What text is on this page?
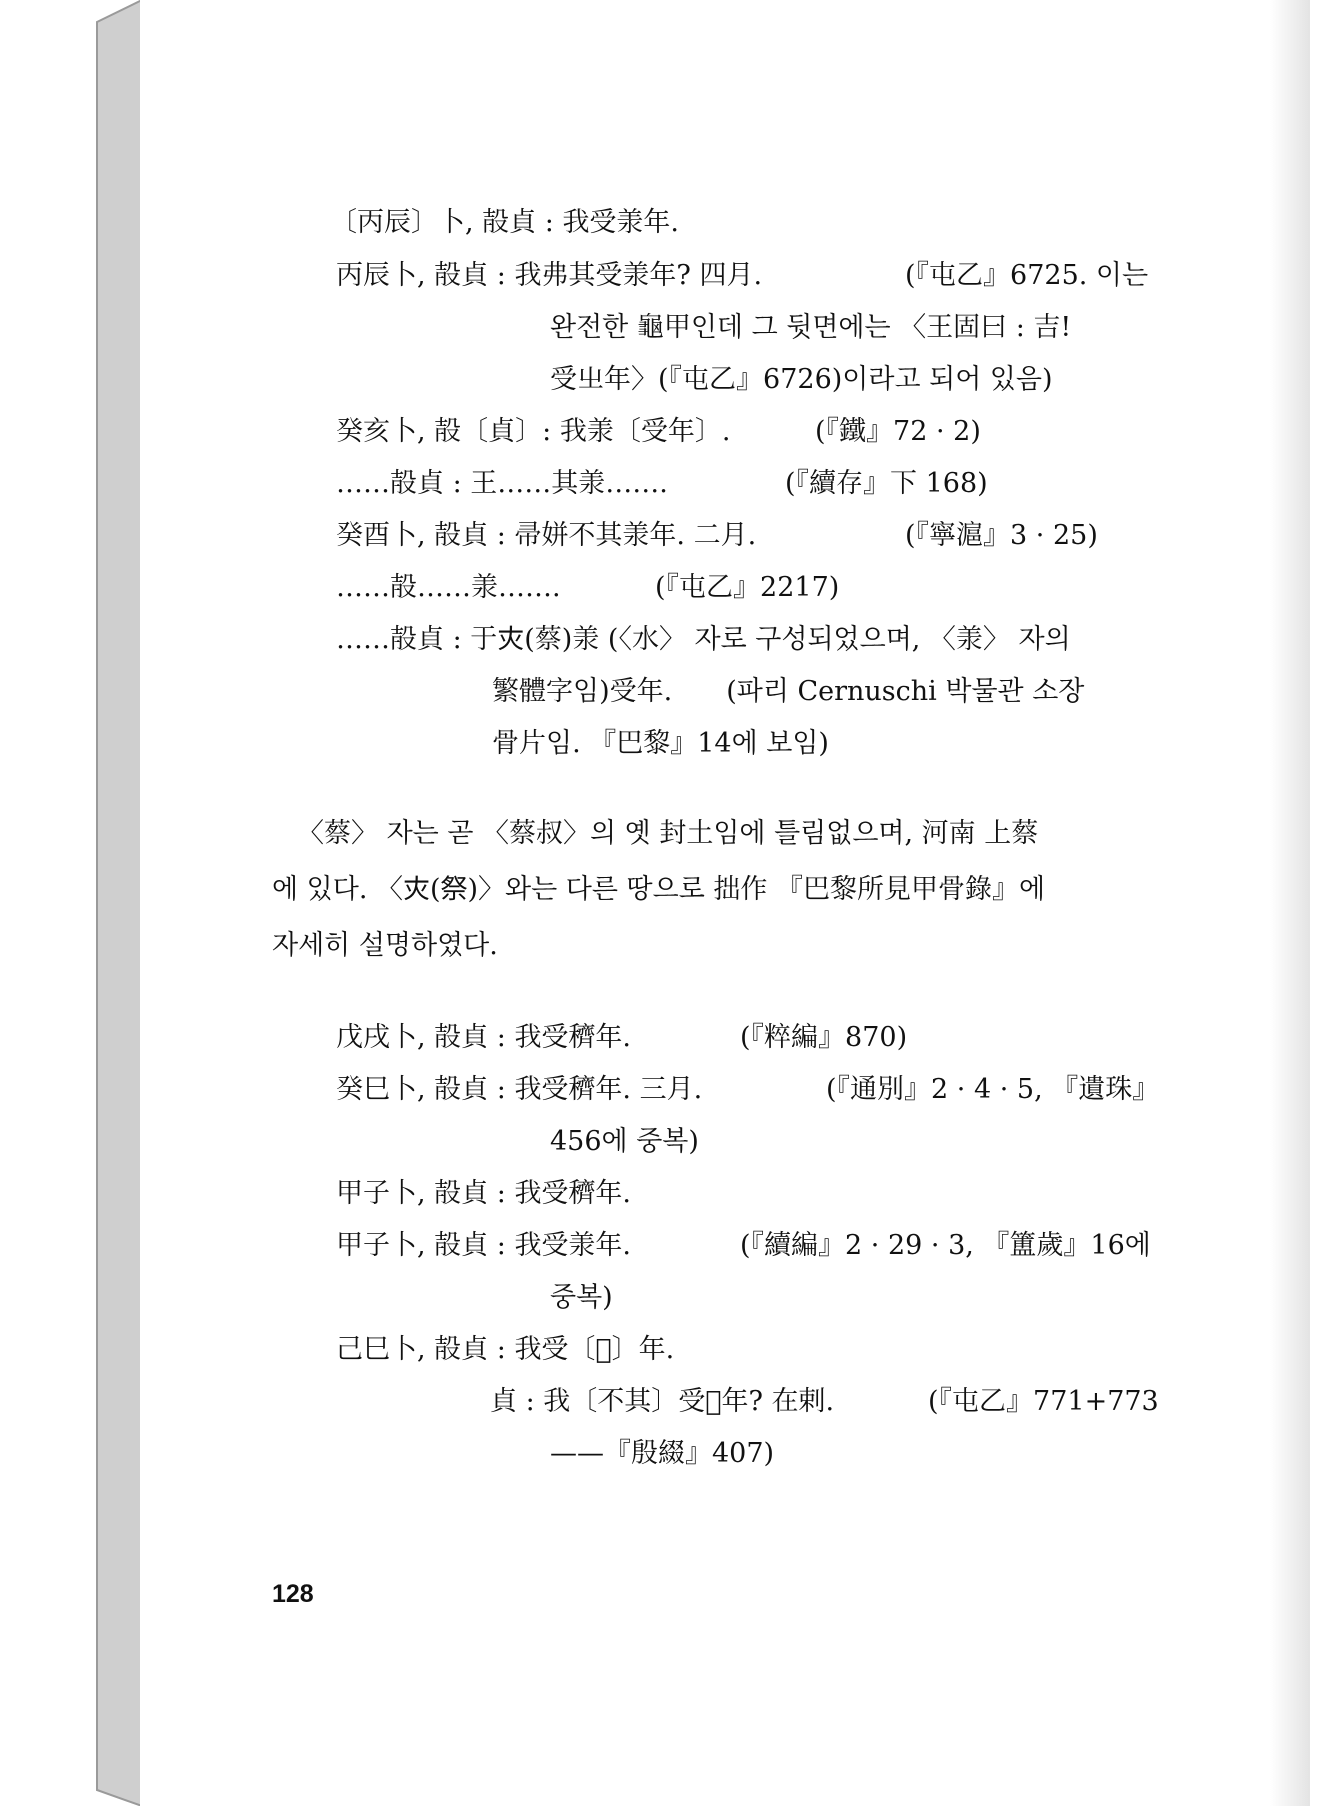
〔丙辰〕卜, 㱿貞 : 我受𣴎年.
丙辰卜, 㱿貞 : 我弗其受𣴎年? 四月.	(『屯乙』6725. 이는
완전한 龜甲인데 그 뒷면에는 〈王固曰 : 吉!
受㞢年〉(『屯乙』6726)이라고 되어 있음)
癸亥卜, 㱿〔貞〕: 我𣴎〔受年〕.	(『鐵』72 · 2)
……㱿貞 : 王……其𣴎…….	(『續存』下 168)
癸酉卜, 㱿貞 : 帚姘不其𣴎年. 二月.	(『寧滬』3 · 25)
……㱿……𣴎…….	(『屯乙』2217)
……㱿貞 : 于𡗜(蔡)𣴎 (〈水〉 자로 구성되었으며, 〈𣴎〉 자의
繁體字임)受年.　　(파리 Cernuschi 박물관 소장
骨片임. 『巴黎』14에 보임)
〈蔡〉 자는 곧 〈蔡叔〉의 옛 封土임에 틀림없으며, 河南 上蔡
에 있다. 〈𡗜(祭)〉와는 다른 땅으로 拙作 『巴黎所見甲骨錄』에
자세히 설명하였다.
戊戌卜, 㱿貞 : 我受穧年.	(『粹編』870)
癸巳卜, 㱿貞 : 我受穧年. 三月.	(『通別』2 · 4 · 5, 『遺珠』
456에 중복)
甲子卜, 㱿貞 : 我受穧年.
甲子卜, 㱿貞 : 我受𣴎年.	(『續編』2 · 29 · 3, 『簠歲』16에
중복)
己巳卜, 㱿貞 : 我受〔𦎫〕年.
貞 : 我〔不其〕受𦎫年? 在剌.	(『屯乙』771+773
——『殷綴』407)
128
